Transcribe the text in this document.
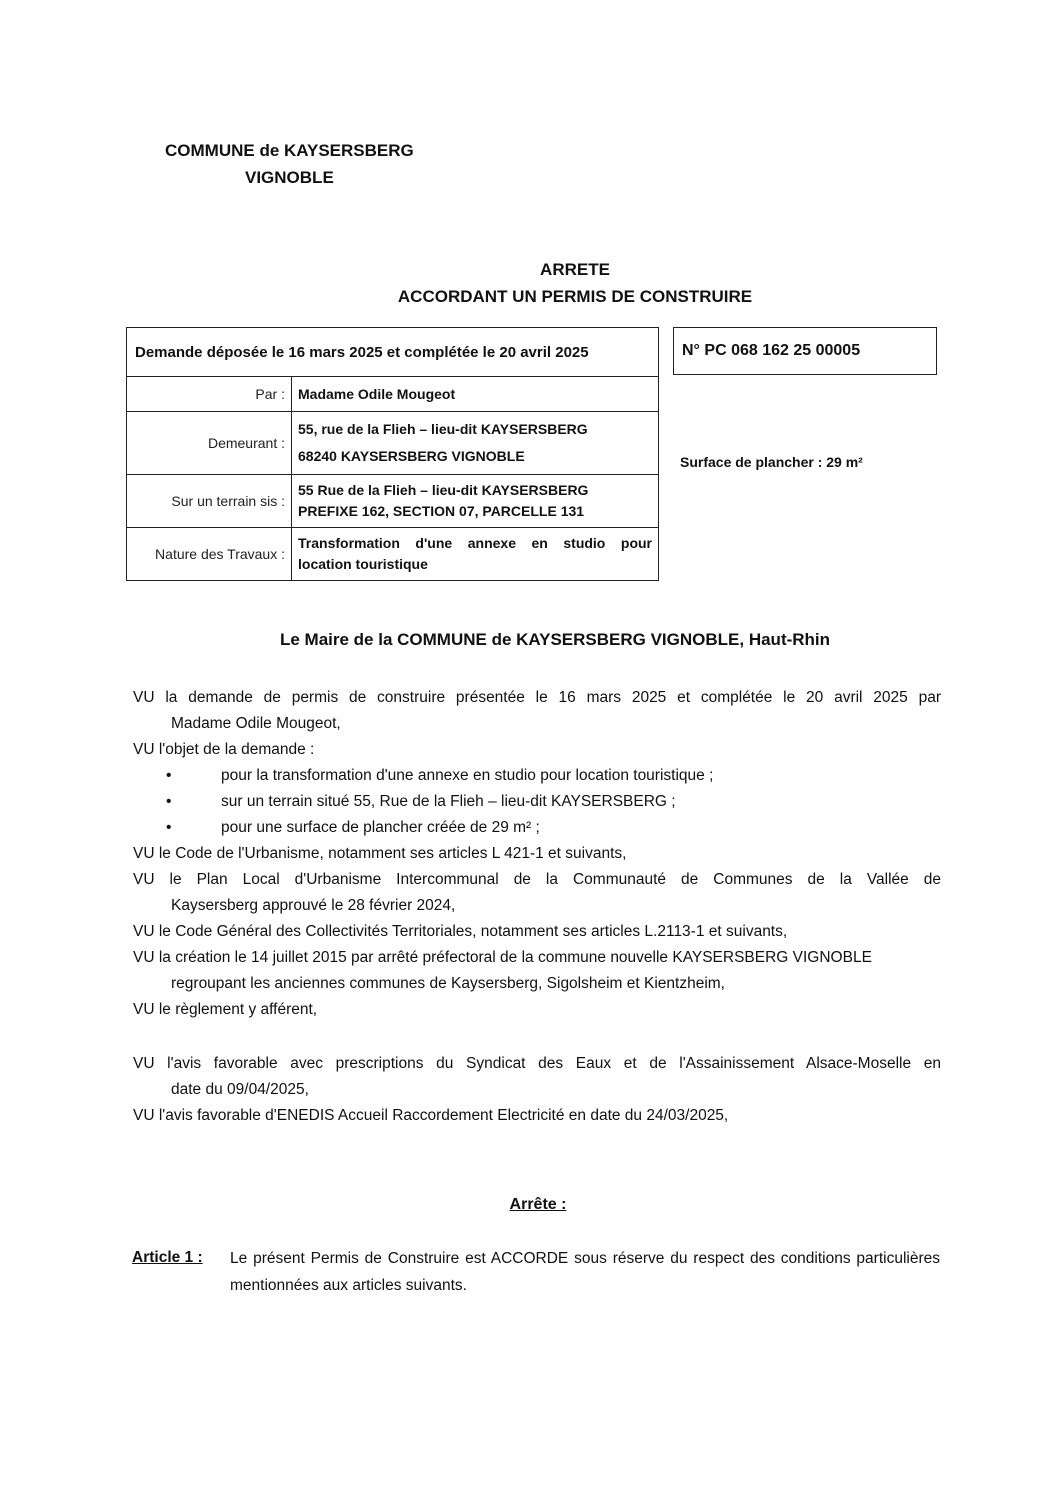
COMMUNE de KAYSERSBERG
VIGNOBLE
ARRETE
ACCORDANT UN PERMIS DE CONSTRUIRE
Demande déposée le 16 mars 2025 et complétée le 20 avril 2025	
Par :	Madame Odile Mougeot
Demeurant :	55, rue de la Flieh – lieu-dit KAYSERSBERG
68240 KAYSERSBERG VIGNOBLE

Sur un terrain sis :	55 Rue de la Flieh – lieu-dit KAYSERSBERG
PREFIXE 162, SECTION 07, PARCELLE 131

Nature des Travaux :	Transformation d'une annexe en studio pour
location touristique
N° PC 068 162 25 00005
Surface de plancher : 29 m²
Le Maire de la COMMUNE de KAYSERSBERG VIGNOBLE, Haut-Rhin

VU la demande de permis de construire présentée le 16 mars 2025 et complétée le 20 avril 2025 par

Madame Odile Mougeot,

VU l'objet de la demande :

•	pour la transformation d'une annexe en studio pour location touristique ;
•	sur un terrain situé 55, Rue de la Flieh – lieu-dit KAYSERSBERG ;
•	pour une surface de plancher créée de 29 m² ;

VU le Code de l'Urbanisme, notamment ses articles L 421-1 et suivants,

VU le Plan Local d'Urbanisme Intercommunal de la Communauté de Communes de la Vallée de

Kaysersberg approuvé le 28 février 2024,

VU le Code Général des Collectivités Territoriales, notamment ses articles L.2113-1 et suivants,

VU la création le 14 juillet 2015 par arrêté préfectoral de la commune nouvelle KAYSERSBERG VIGNOBLE

regroupant les anciennes communes de Kaysersberg, Sigolsheim et Kientzheim,

VU le règlement y afférent,

VU l'avis favorable avec prescriptions du Syndicat des Eaux et de l'Assainissement Alsace-Moselle en

date du 09/04/2025,

VU l'avis favorable d'ENEDIS Accueil Raccordement Electricité en date du 24/03/2025,

Arrête :
Article 1 : Le présent Permis de Construire est ACCORDE sous réserve du respect des conditions particulières mentionnées aux articles suivants.
